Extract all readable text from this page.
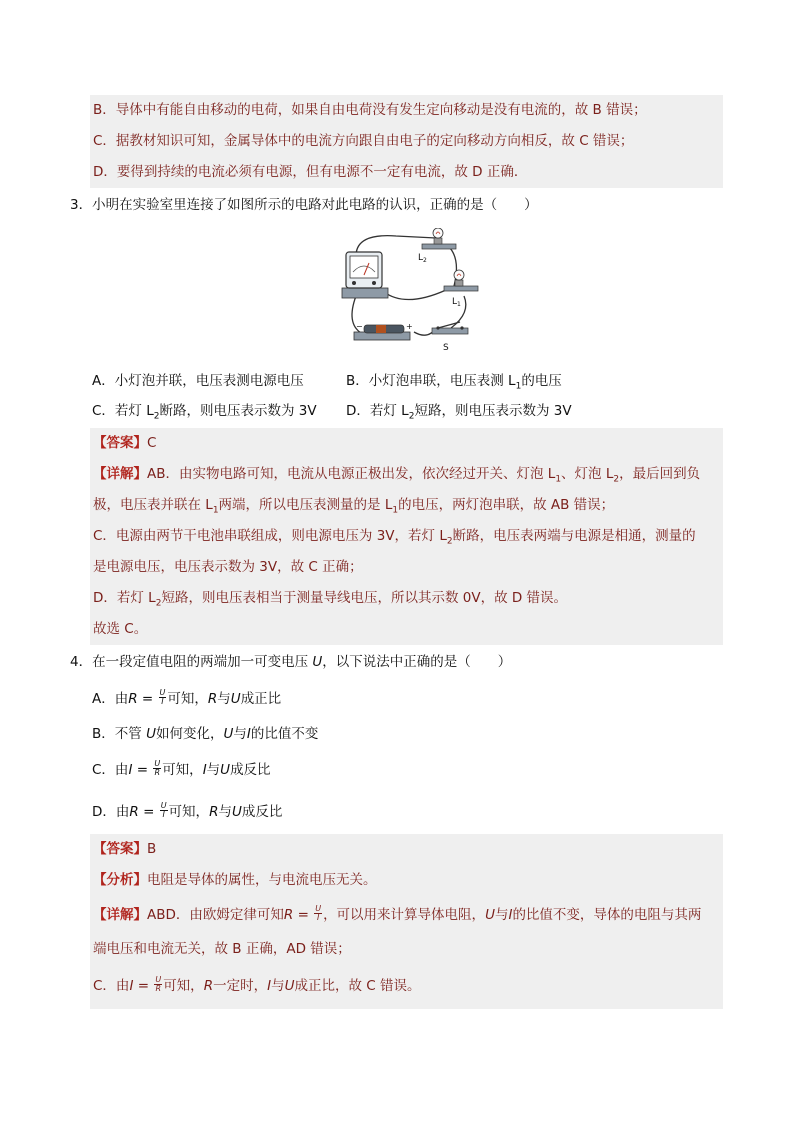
B．导体中有能自由移动的电荷，如果自由电荷没有发生定向移动是没有电流的，故 B 错误；
C．据教材知识可知，金属导体中的电流方向跟自由电子的定向移动方向相反，故 C 错误；
D．要得到持续的电流必须有电源，但有电源不一定有电流，故 D 正确．
3．小明在实验室里连接了如图所示的电路对此电路的认识，正确的是（　　）
$L_2$
$L_1$
−	+
S
A．小灯泡并联，电压表测电源电压	B．小灯泡串联，电压表测 $L_1$的电压
C．若灯 $L_2$断路，则电压表示数为 3V D．若灯 $L_2$短路，则电压表示数为 3V
【答案】C
【详解】AB．由实物电路可知，电流从电源正极出发，依次经过开关、灯泡 $L_1$、灯泡 $L_2$，最后回到负
极，电压表并联在 $L_1$两端，所以电压表测量的是 $L_1$的电压，两灯泡串联，故 AB 错误；
C．电源由两节干电池串联组成，则电源电压为 3V，若灯 $L_2$断路，电压表两端与电源是相通，测量的
是电源电压，电压表示数为 3V，故 C 正确；
D．若灯 $L_2$短路，则电压表相当于测量导线电压，所以其示数 0V，故 D 错误。
故选 C。
4．在一段定值电阻的两端加一可变电压 U，以下说法中正确的是（　　）
A．由$R = \frac{U}{I}$ 可知，R与U成正比
B．不管 U如何变化，U与I的比值不变
C．由$I = \frac{U}{R}$ 可知，I与U成反比
D．由$R = \frac{U}{I}$ 可知，R与U成反比
【答案】B
【分析】电阻是导体的属性，与电流电压无关。
【详解】ABD．由欧姆定律可知$R = \frac{U}{I}$ ，可以用来计算导体电阻，U与I的比值不变，导体的电阻与其两
端电压和电流无关，故 B 正确，AD 错误；
C．由$I = \frac{U}{R}$ 可知，R一定时，I与U成正比，故 C 错误。
